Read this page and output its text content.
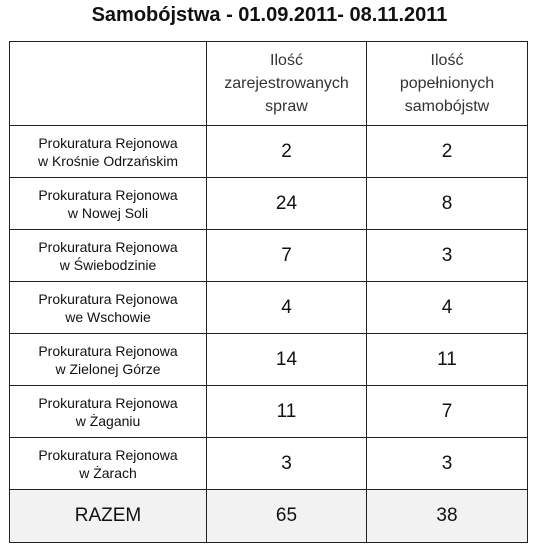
Samobójstwa - 01.09.2011- 08.11.2011
	Ilość
zarejestrowanych
spraw	Ilość
popełnionych
samobójstw

Prokuratura Rejonowa
w Krośnie Odrzańskim	2	2

Prokuratura Rejonowa
w Nowej Soli	24	8

Prokuratura Rejonowa
w Świebodzinie	7	3

Prokuratura Rejonowa
we Wschowie	4	4

Prokuratura Rejonowa
w Zielonej Górze	14	11

Prokuratura Rejonowa
w Żaganiu	11	7

Prokuratura Rejonowa
w Żarach	3	3
RAZEM	65	38
